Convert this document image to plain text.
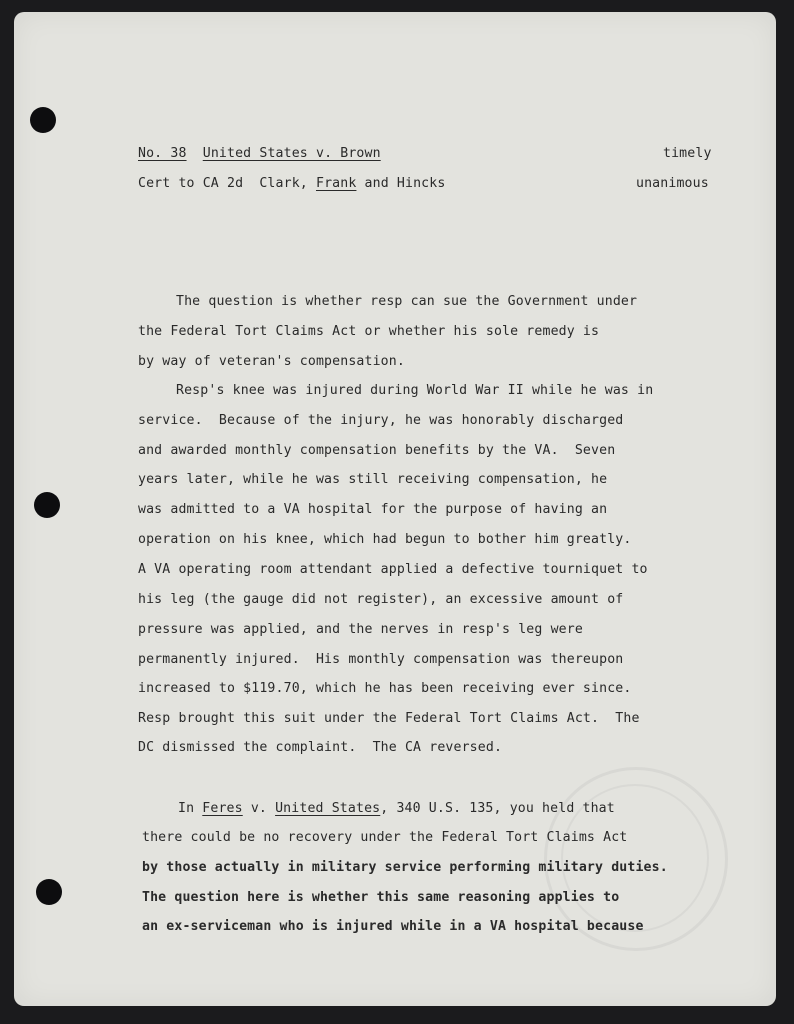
No. 38 United States v. Brown	timely
Cert to CA 2d  Clark, Frank and Hincks	unanimous
The question is whether resp can sue the Government under
the Federal Tort Claims Act or whether his sole remedy is
by way of veteran's compensation.
Resp's knee was injured during World War II while he was in
service.  Because of the injury, he was honorably discharged
and awarded monthly compensation benefits by the VA.  Seven
years later, while he was still receiving compensation, he
was admitted to a VA hospital for the purpose of having an
operation on his knee, which had begun to bother him greatly.
A VA operating room attendant applied a defective tourniquet to
his leg (the gauge did not register), an excessive amount of
pressure was applied, and the nerves in resp's leg were
permanently injured.  His monthly compensation was thereupon
increased to $119.70, which he has been receiving ever since.
Resp brought this suit under the Federal Tort Claims Act.  The
DC dismissed the complaint.  The CA reversed.
In Feres v. United States, 340 U.S. 135, you held that
there could be no recovery under the Federal Tort Claims Act
by those actually in military service performing military duties.
The question here is whether this same reasoning applies to
an ex-serviceman who is injured while in a VA hospital because
